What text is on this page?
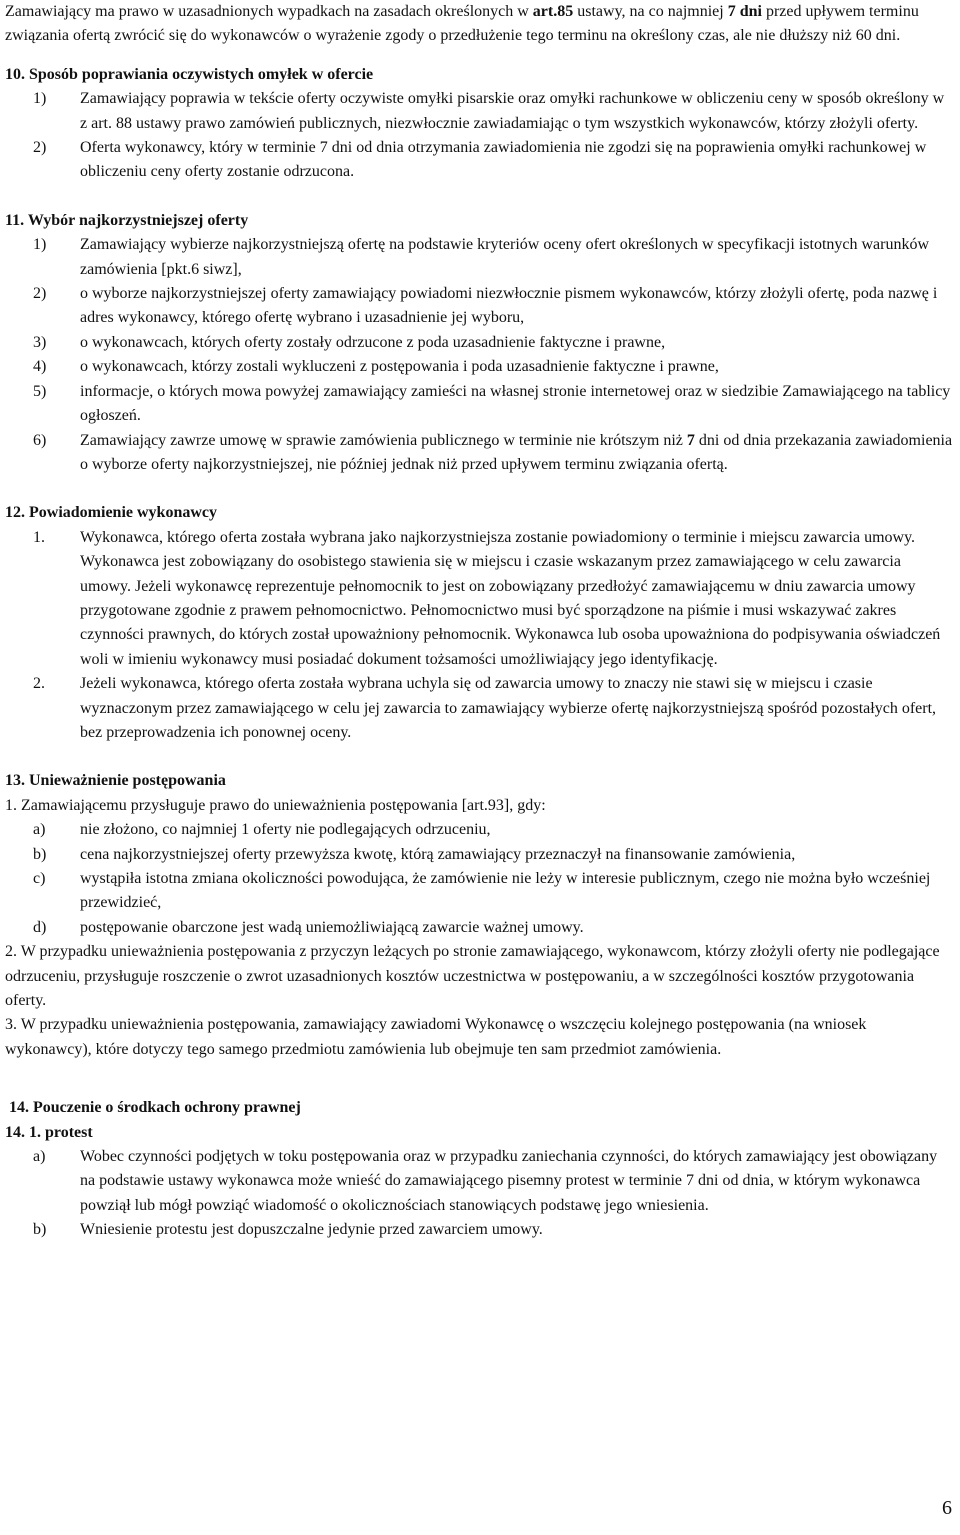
Zamawiający ma prawo w uzasadnionych wypadkach na zasadach określonych w art.85 ustawy, na co najmniej 7 dni przed upływem terminu związania ofertą zwrócić się do wykonawców o wyrażenie zgody o przedłużenie tego terminu na określony czas, ale nie dłuższy niż 60 dni.

10. Sposób poprawiania oczywistych omyłek w ofercie

1) Zamawiający poprawia w tekście oferty oczywiste omyłki pisarskie oraz omyłki rachunkowe w obliczeniu ceny w sposób określony w z art. 88 ustawy prawo zamówień publicznych, niezwłocznie zawiadamiając o tym wszystkich wykonawców, którzy złożyli oferty.
2) Oferta wykonawcy, który w terminie 7 dni od dnia otrzymania zawiadomienia nie zgodzi się na poprawienia omyłki rachunkowej w obliczeniu ceny oferty zostanie odrzucona.

11. Wybór najkorzystniejszej oferty

1) Zamawiający wybierze najkorzystniejszą ofertę na podstawie kryteriów oceny ofert określonych w specyfikacji istotnych warunków zamówienia [pkt.6 siwz],
2) o wyborze najkorzystniejszej oferty zamawiający powiadomi niezwłocznie pismem wykonawców, którzy złożyli ofertę, poda nazwę i adres wykonawcy, którego ofertę wybrano i uzasadnienie jej wyboru,
3) o wykonawcach, których oferty zostały odrzucone z poda uzasadnienie faktyczne i prawne,
4) o wykonawcach, którzy zostali wykluczeni z postępowania i poda uzasadnienie faktyczne i prawne,
5) informacje, o których mowa powyżej zamawiający zamieści na własnej stronie internetowej oraz w siedzibie Zamawiającego na tablicy ogłoszeń.
6) Zamawiający zawrze umowę w sprawie zamówienia publicznego w terminie nie krótszym niż 7 dni od dnia przekazania zawiadomienia o wyborze oferty najkorzystniejszej, nie później jednak niż przed upływem terminu związania ofertą.

12. Powiadomienie wykonawcy

1. Wykonawca, którego oferta została wybrana jako najkorzystniejsza zostanie powiadomiony o terminie i miejscu zawarcia umowy. Wykonawca jest zobowiązany do osobistego stawienia się w miejscu i czasie wskazanym przez zamawiającego w celu zawarcia umowy. Jeżeli wykonawcę reprezentuje pełnomocnik to jest on zobowiązany przedłożyć zamawiającemu w dniu zawarcia umowy przygotowane zgodnie z prawem pełnomocnictwo. Pełnomocnictwo musi być sporządzone na piśmie i musi wskazywać zakres czynności prawnych, do których został upoważniony pełnomocnik. Wykonawca lub osoba upoważniona do podpisywania oświadczeń woli w imieniu wykonawcy musi posiadać dokument tożsamości umożliwiający jego identyfikację.
2. Jeżeli wykonawca, którego oferta została wybrana uchyla się od zawarcia umowy to znaczy nie stawi się w miejscu i czasie wyznaczonym przez zamawiającego w celu jej zawarcia to zamawiający wybierze ofertę najkorzystniejszą spośród pozostałych ofert, bez przeprowadzenia ich ponownej oceny.

13. Unieważnienie postępowania

1. Zamawiającemu przysługuje prawo do unieważnienia postępowania [art.93], gdy:

a) nie złożono, co najmniej 1 oferty nie podlegających odrzuceniu,
b) cena najkorzystniejszej oferty przewyższa kwotę, którą zamawiający przeznaczył na finansowanie zamówienia,
c) wystąpiła istotna zmiana okoliczności powodująca, że zamówienie nie leży w interesie publicznym, czego nie można było wcześniej przewidzieć,
d) postępowanie obarczone jest wadą uniemożliwiającą zawarcie ważnej umowy.

2. W przypadku unieważnienia postępowania z przyczyn leżących po stronie zamawiającego, wykonawcom, którzy złożyli oferty nie podlegające odrzuceniu, przysługuje roszczenie o zwrot uzasadnionych kosztów uczestnictwa w postępowaniu, a w szczególności kosztów przygotowania oferty.

3. W przypadku unieważnienia postępowania, zamawiający zawiadomi Wykonawcę o wszczęciu kolejnego postępowania (na wniosek wykonawcy), które dotyczy tego samego przedmiotu zamówienia lub obejmuje ten sam przedmiot zamówienia.

14. Pouczenie o środkach ochrony prawnej

14. 1. protest

a) Wobec czynności podjętych w toku postępowania oraz w przypadku zaniechania czynności, do których zamawiający jest obowiązany na podstawie ustawy wykonawca może wnieść do zamawiającego pisemny protest w terminie 7 dni od dnia, w którym wykonawca powziął lub mógł powziąć wiadomość o okolicznościach stanowiących podstawę jego wniesienia.
b) Wniesienie protestu jest dopuszczalne jedynie przed zawarciem umowy.
6
